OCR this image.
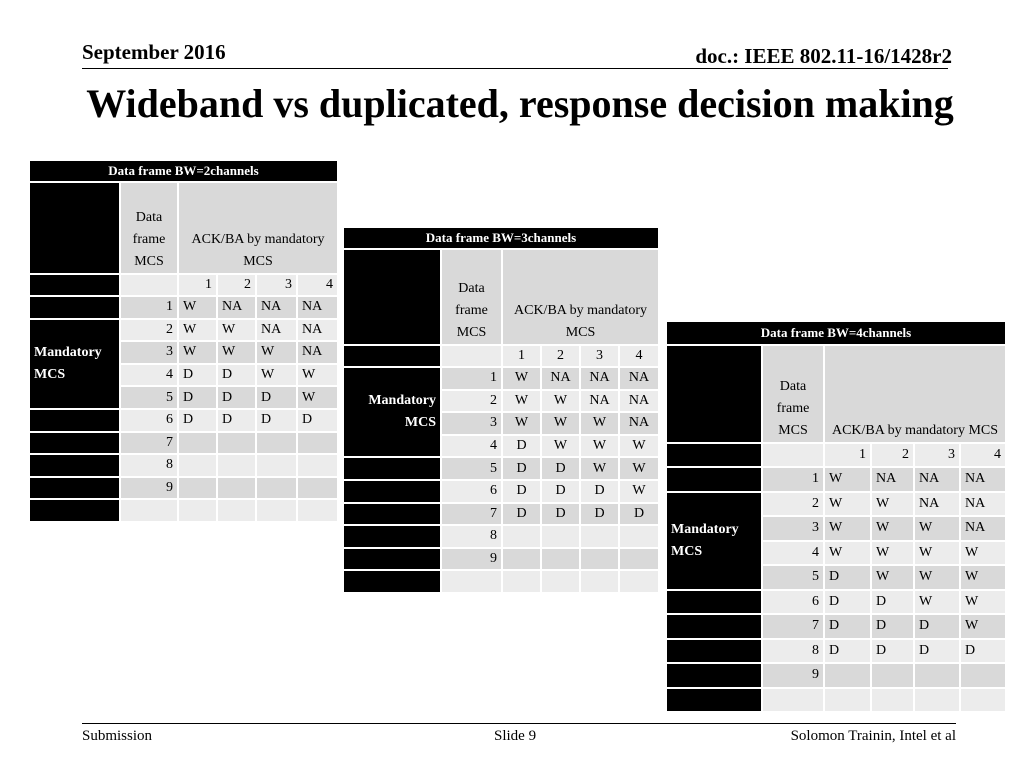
September 2016	doc.: IEEE 802.11-16/1428r2
Wideband vs duplicated, response decision making
Data frame BW=2channels					
	Data frame MCS	ACK/BA by mandatory MCS			
		1	2	3	4
	1	W	NA	NA	NA
Mandatory MCS	2	W	W	NA	NA
	3	W	W	W	NA
	4	D	D	W	W
	5	D	D	D	W
	6	D	D	D	D
	7				
	8				
	9				

Data frame BW=3channels					
	Data frame MCS	ACK/BA by mandatory MCS			
		1	2	3	4
Mandatory MCS	1	W	NA	NA	NA
	2	W	W	NA	NA
	3	W	W	W	NA
	4	D	W	W	W
	5	D	D	W	W
	6	D	D	D	W
	7	D	D	D	D
	8				
	9				

Data frame BW=4channels					
	Data frame MCS	ACK/BA by mandatory MCS			
		1	2	3	4
	1	W	NA	NA	NA
Mandatory MCS	2	W	W	NA	NA
	3	W	W	W	NA
	4	W	W	W	W
	5	D	W	W	W
	6	D	D	W	W
	7	D	D	D	W
	8	D	D	D	D
	9				

Submission	Slide 9	Solomon Trainin, Intel et al
